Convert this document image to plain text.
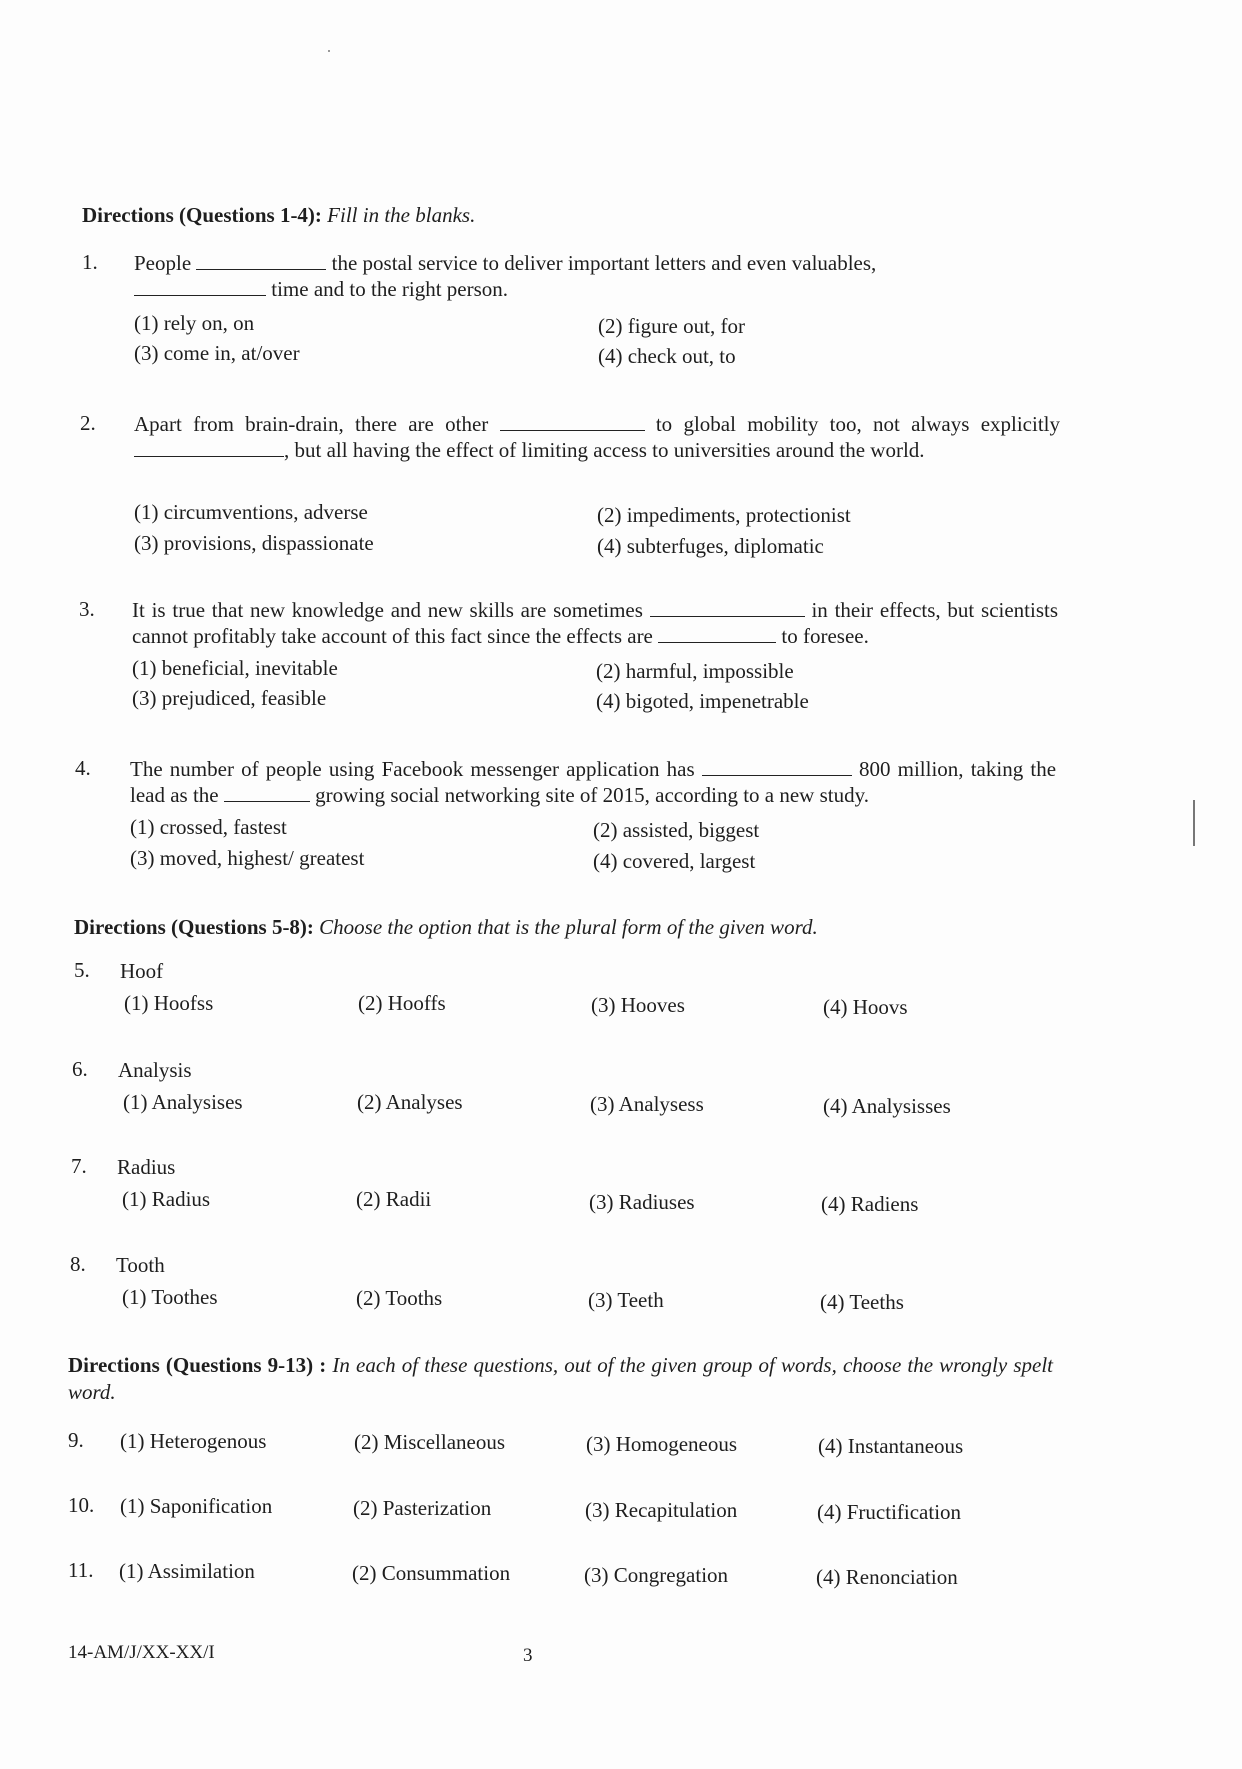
Directions (Questions 1-4): Fill in the blanks.
1.	People	the postal service to deliver important letters and even valuables,
time and to the right person.
(1) rely on, on	(2) figure out, for
(3) come in, at/over	(4) check out, to
2.	Apart from brain-drain, there are other	to global mobility too, not always explicitly , but all having the effect of limiting access to universities around the world.
(1) circumventions, adverse	(2) impediments, protectionist
(3) provisions, dispassionate	(4) subterfuges, diplomatic
3.	It is true that new knowledge and new skills are sometimes	in their effects, but scientists cannot profitably take account of this fact since the effects are	to foresee.
(1) beneficial, inevitable	(2) harmful, impossible
(3) prejudiced, feasible	(4) bigoted, impenetrable
4.	The number of people using Facebook messenger application has	800 million, taking the lead as the	growing social networking site of 2015, according to a new study.
(1) crossed, fastest	(2) assisted, biggest
(3) moved, highest/ greatest	(4) covered, largest
Directions (Questions 5-8): Choose the option that is the plural form of the given word.
5.	Hoof
(1) Hoofss	(2) Hooffs	(3) Hooves	(4) Hoovs
6.	Analysis
(1) Analysises	(2) Analyses	(3) Analysess	(4) Analysisses
7.	Radius
(1) Radius	(2) Radii	(3) Radiuses	(4) Radiens
8.	Tooth
(1) Toothes	(2) Tooths	(3) Teeth	(4) Teeths
Directions (Questions 9-13) : In each of these questions, out of the given group of words, choose the wrongly spelt word.
9.	(1) Heterogenous	(2) Miscellaneous	(3) Homogeneous	(4) Instantaneous
10.	(1) Saponification	(2) Pasterization	(3) Recapitulation	(4) Fructification
11.	(1) Assimilation	(2) Consummation	(3) Congregation	(4) Renonciation
14-AM/J/XX-XX/I	3
